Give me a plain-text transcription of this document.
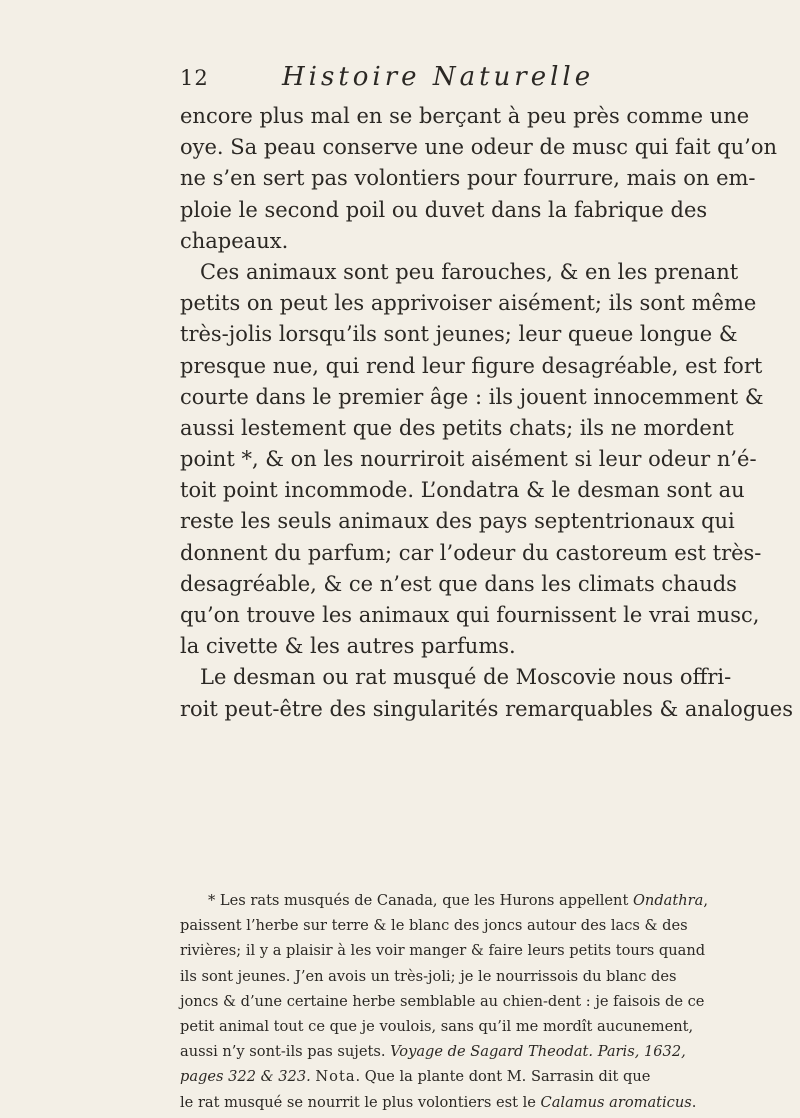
12	Histoire Naturelle
encore plus mal en se berçant à peu près comme une
oye. Sa peau conserve une odeur de musc qui fait qu’on
ne s’en sert pas volontiers pour fourrure, mais on em-
ploie le second poil ou duvet dans la fabrique des
chapeaux.
Ces animaux sont peu farouches, & en les prenant
petits on peut les apprivoiser aisément; ils sont même
très-jolis lorsqu’ils sont jeunes; leur queue longue &
presque nue, qui rend leur figure desagréable, est fort
courte dans le premier âge : ils jouent innocemment &
aussi lestement que des petits chats; ils ne mordent
point *, & on les nourriroit aisément si leur odeur n’é-
toit point incommode. L’ondatra & le desman sont au
reste les seuls animaux des pays septentrionaux qui
donnent du parfum; car l’odeur du castoreum est très-
desagréable, & ce n’est que dans les climats chauds
qu’on trouve les animaux qui fournissent le vrai musc,
la civette & les autres parfums.
Le desman ou rat musqué de Moscovie nous offri-
roit peut-être des singularités remarquables & analogues
* Les rats musqués de Canada, que les Hurons appellent Ondathra,
paissent l’herbe sur terre & le blanc des joncs autour des lacs & des
rivières; il y a plaisir à les voir manger & faire leurs petits tours quand
ils sont jeunes. J’en avois un très-joli; je le nourrissois du blanc des
joncs & d’une certaine herbe semblable au chien-dent : je faisois de ce
petit animal tout ce que je voulois, sans qu’il me mordît aucunement,
aussi n’y sont-ils pas sujets. Voyage de Sagard Theodat. Paris, 1632,
pages 322 & 323. Nota. Que la plante dont M. Sarrasin dit que
le rat musqué se nourrit le plus volontiers est le Calamus aromaticus.
